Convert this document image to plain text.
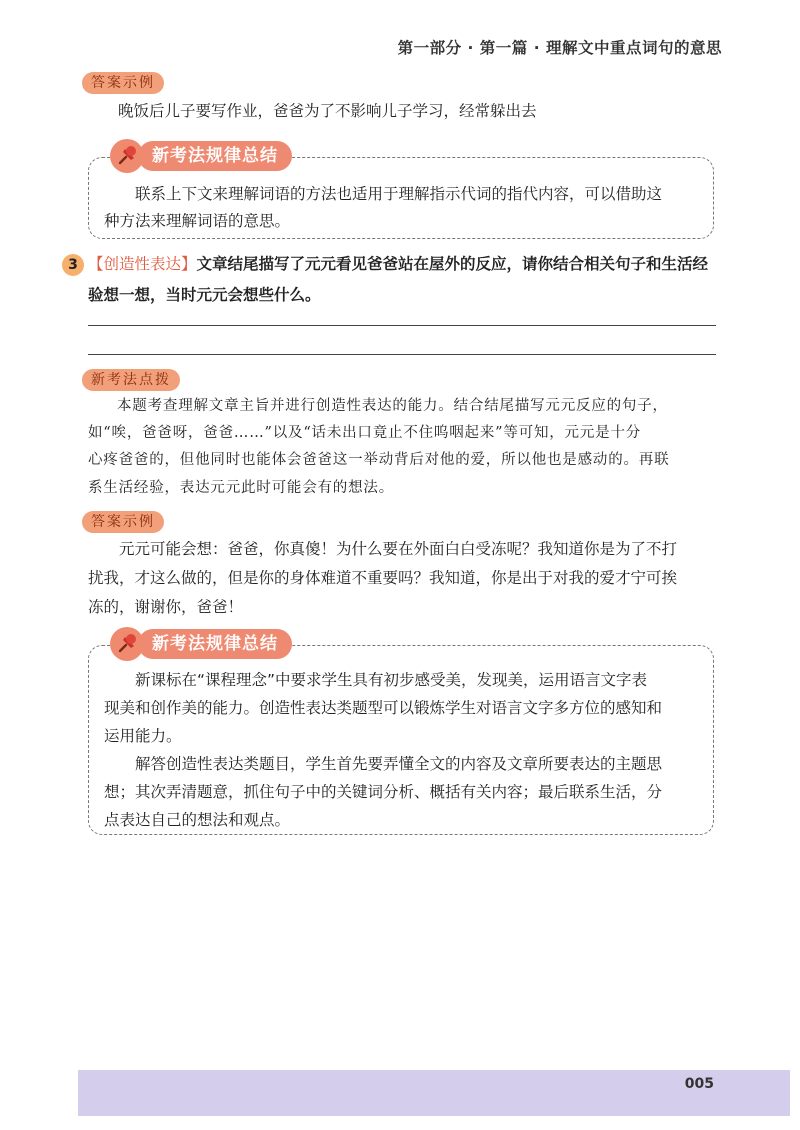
第一部分 · 第一篇 · 理解文中重点词句的意思
答案示例

晚饭后儿子要写作业，爸爸为了不影响儿子学习，经常躲出去

新考法规律总结

联系上下文来理解词语的方法也适用于理解指示代词的指代内容，可以借助这

种方法来理解词语的意思。

3 【创造性表达】文章结尾描写了元元看见爸爸站在屋外的反应，请你结合相关句子和生活经验想一想，当时元元会想些什么。

新考法点拨

本题考查理解文章主旨并进行创造性表达的能力。结合结尾描写元元反应的句子，

如“唉，爸爸呀，爸爸……”以及“话未出口竟止不住呜咽起来”等可知，元元是十分

心疼爸爸的，但他同时也能体会爸爸这一举动背后对他的爱，所以他也是感动的。再联

系生活经验，表达元元此时可能会有的想法。

答案示例

元元可能会想：爸爸，你真傻！为什么要在外面白白受冻呢？我知道你是为了不打

扰我，才这么做的，但是你的身体难道不重要吗？我知道，你是出于对我的爱才宁可挨

冻的，谢谢你，爸爸！

新考法规律总结

新课标在“课程理念”中要求学生具有初步感受美，发现美，运用语言文字表

现美和创作美的能力。创造性表达类题型可以锻炼学生对语言文字多方位的感知和

运用能力。

解答创造性表达类题目，学生首先要弄懂全文的内容及文章所要表达的主题思

想；其次弄清题意，抓住句子中的关键词分析、概括有关内容；最后联系生活，分

点表达自己的想法和观点。

005
